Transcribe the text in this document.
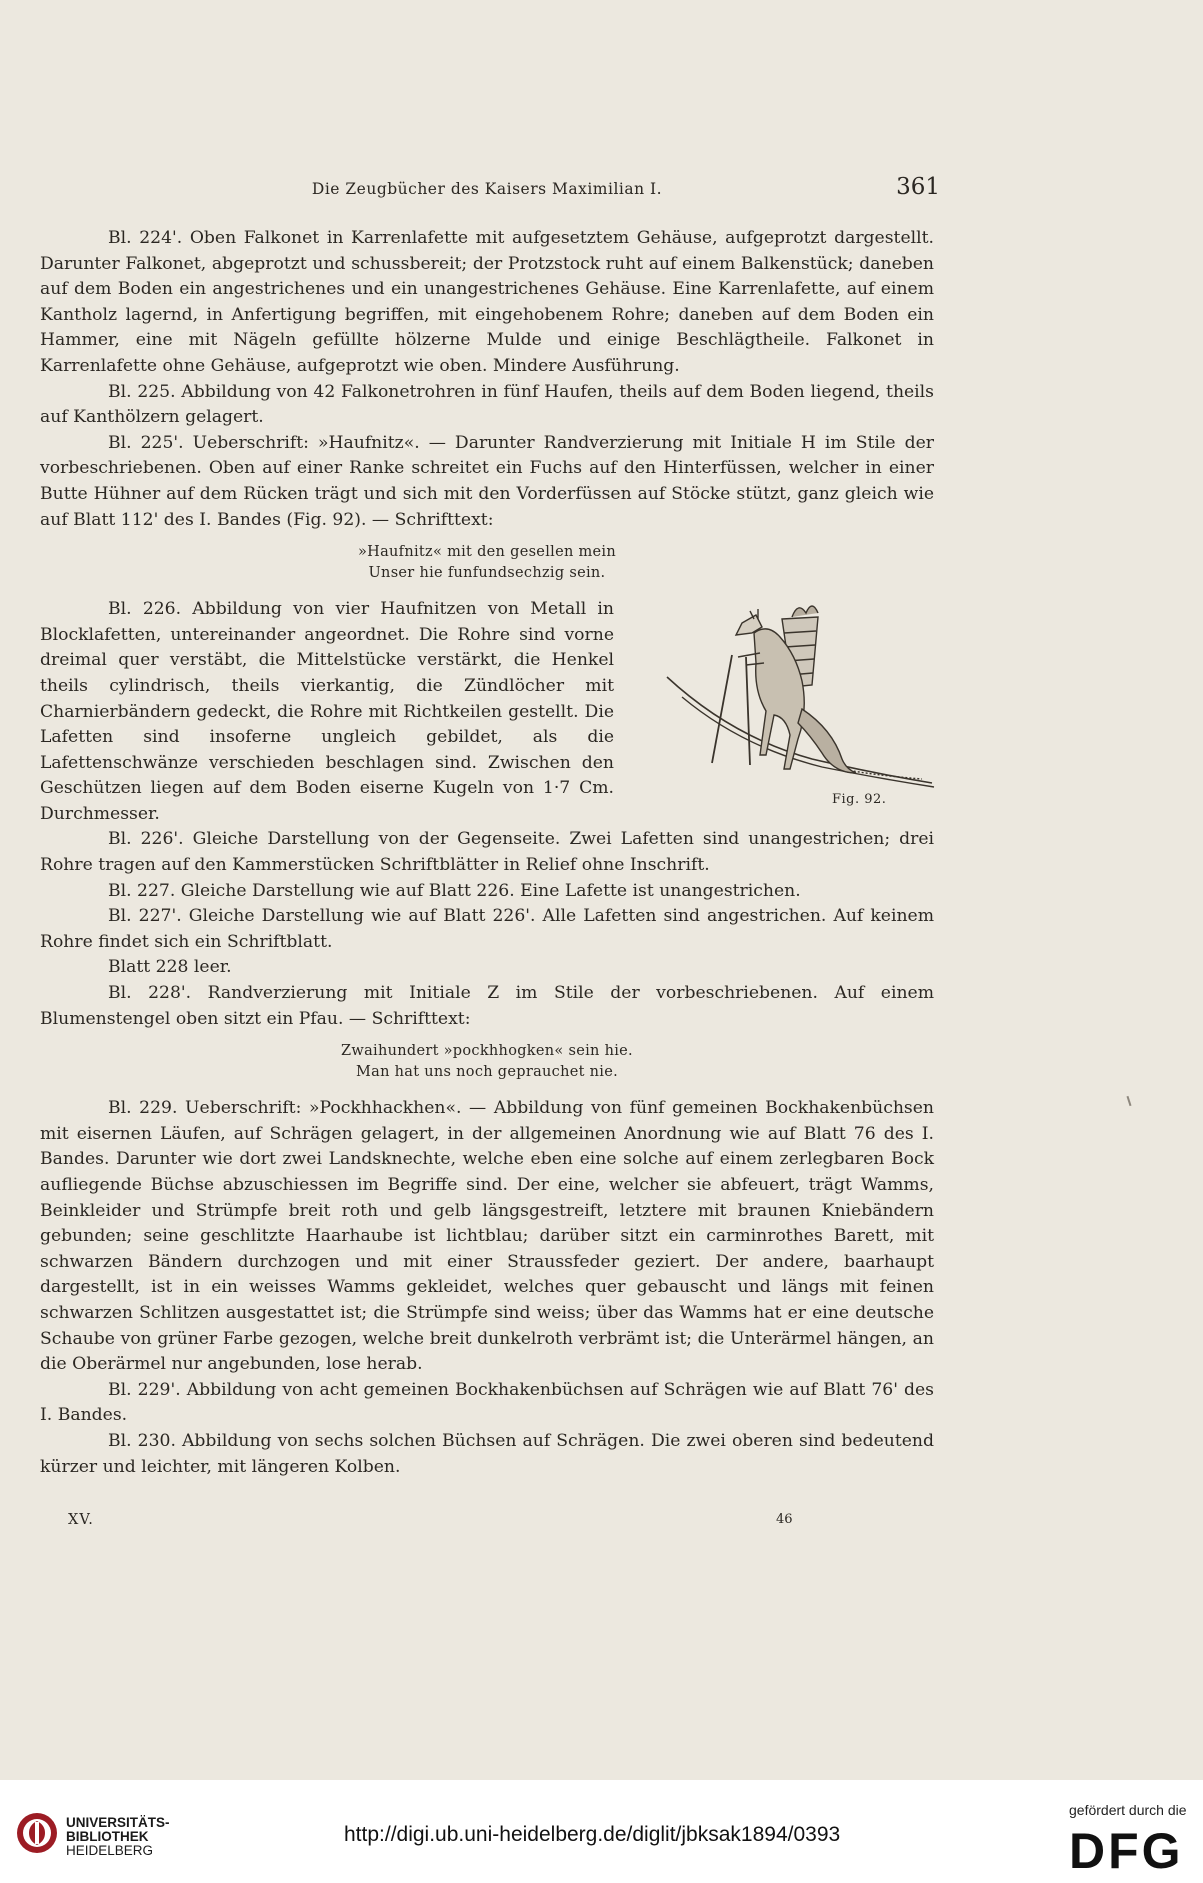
Die Zeugbücher des Kaisers Maximilian I.	361

Bl. 224'. Oben Falkonet in Karrenlafette mit aufgesetztem Gehäuse, aufgeprotzt dargestellt. Darunter Falkonet, abgeprotzt und schussbereit; der Protzstock ruht auf einem Balkenstück; daneben auf dem Boden ein angestrichenes und ein unangestrichenes Gehäuse. Eine Karrenlafette, auf einem Kantholz lagernd, in Anfertigung begriffen, mit eingehobenem Rohre; daneben auf dem Boden ein Hammer, eine mit Nägeln gefüllte hölzerne Mulde und einige Beschlägtheile. Falkonet in Karrenlafette ohne Gehäuse, aufgeprotzt wie oben. Mindere Ausführung.

Bl. 225. Abbildung von 42 Falkonetrohren in fünf Haufen, theils auf dem Boden liegend, theils auf Kanthölzern gelagert.

Bl. 225'. Ueberschrift: »Haufnitz«. — Darunter Randverzierung mit Initiale H im Stile der vorbeschriebenen. Oben auf einer Ranke schreitet ein Fuchs auf den Hinterfüssen, welcher in einer Butte Hühner auf dem Rücken trägt und sich mit den Vorderfüssen auf Stöcke stützt, ganz gleich wie auf Blatt 112' des I. Bandes (Fig. 92). — Schrifttext:

»Haufnitz« mit den gesellen mein
Unser hie funfundsechzig sein.

Fig. 92.
Bl. 226. Abbildung von vier Haufnitzen von Metall in Blocklafetten, untereinander angeordnet. Die Rohre sind vorne dreimal quer verstäbt, die Mittelstücke verstärkt, die Henkel theils cylindrisch, theils vierkantig, die Zündlöcher mit Charnierbändern gedeckt, die Rohre mit Richtkeilen gestellt. Die Lafetten sind insoferne ungleich gebildet, als die Lafettenschwänze verschieden beschlagen sind. Zwischen den Geschützen liegen auf dem Boden eiserne Kugeln von 1·7 Cm. Durchmesser.

Bl. 226'. Gleiche Darstellung von der Gegenseite. Zwei Lafetten sind unangestrichen; drei Rohre tragen auf den Kammerstücken Schriftblätter in Relief ohne Inschrift.

Bl. 227. Gleiche Darstellung wie auf Blatt 226. Eine Lafette ist unangestrichen.

Bl. 227'. Gleiche Darstellung wie auf Blatt 226'. Alle Lafetten sind angestrichen. Auf keinem Rohre findet sich ein Schriftblatt.

Blatt 228 leer.

Bl. 228'. Randverzierung mit Initiale Z im Stile der vorbeschriebenen. Auf einem Blumenstengel oben sitzt ein Pfau. — Schrifttext:

Zwaihundert »pockhhogken« sein hie.
Man hat uns noch geprauchet nie.

Bl. 229. Ueberschrift: »Pockhhackhen«. — Abbildung von fünf gemeinen Bockhakenbüchsen mit eisernen Läufen, auf Schrägen gelagert, in der allgemeinen Anordnung wie auf Blatt 76 des I. Bandes. Darunter wie dort zwei Landsknechte, welche eben eine solche auf einem zerlegbaren Bock aufliegende Büchse abzuschiessen im Begriffe sind. Der eine, welcher sie abfeuert, trägt Wamms, Beinkleider und Strümpfe breit roth und gelb längsgestreift, letztere mit braunen Kniebändern gebunden; seine geschlitzte Haarhaube ist lichtblau; darüber sitzt ein carminrothes Barett, mit schwarzen Bändern durchzogen und mit einer Straussfeder geziert. Der andere, baarhaupt dargestellt, ist in ein weisses Wamms gekleidet, welches quer gebauscht und längs mit feinen schwarzen Schlitzen ausgestattet ist; die Strümpfe sind weiss; über das Wamms hat er eine deutsche Schaube von grüner Farbe gezogen, welche breit dunkelroth verbrämt ist; die Unterärmel hängen, an die Oberärmel nur angebunden, lose herab.

Bl. 229'. Abbildung von acht gemeinen Bockhakenbüchsen auf Schrägen wie auf Blatt 76' des I. Bandes.

Bl. 230. Abbildung von sechs solchen Büchsen auf Schrägen. Die zwei oberen sind bedeutend kürzer und leichter, mit längeren Kolben.

XV.	46
UNIVERSITÄTS-
BIBLIOTHEK
HEIDELBERG
http://digi.ub.uni-heidelberg.de/diglit/jbksak1894/0393
gefördert durch die
DFG
